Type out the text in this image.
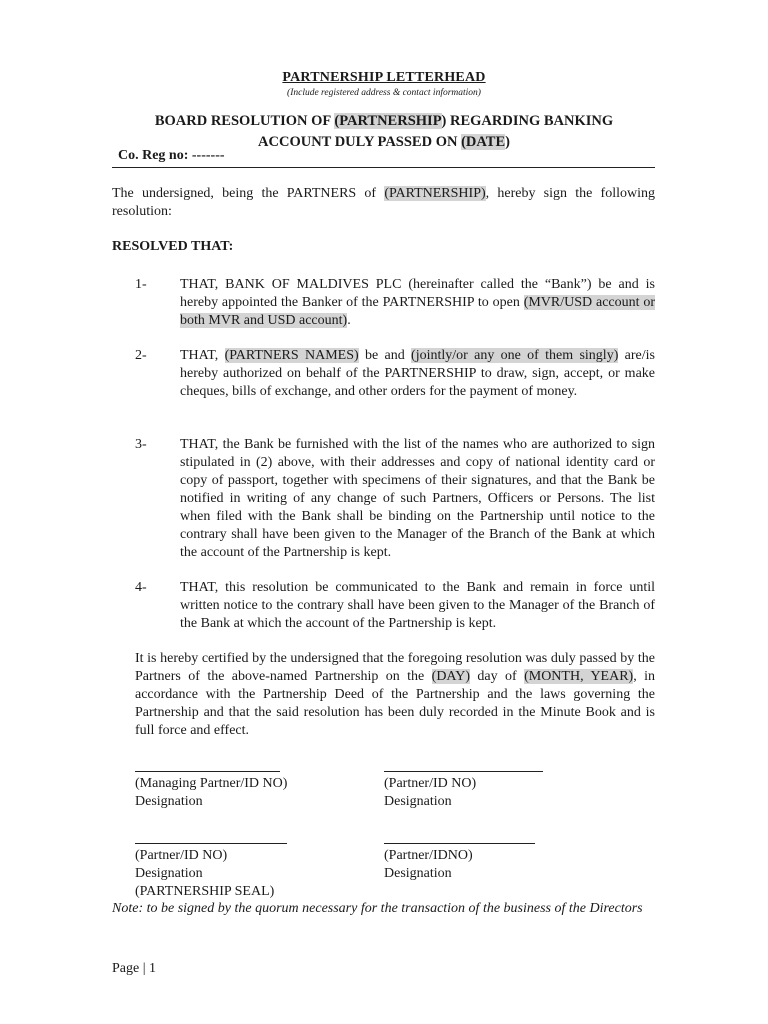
PARTNERSHIP LETTERHEAD
(Include registered address & contact information)
BOARD RESOLUTION OF (PARTNERSHIP) REGARDING BANKING
ACCOUNT DULY PASSED ON (DATE)
Co. Reg no: -------
The undersigned, being the PARTNERS of (PARTNERSHIP), hereby sign the following resolution:
RESOLVED THAT:
1- THAT, BANK OF MALDIVES PLC (hereinafter called the “Bank”) be and is hereby appointed the Banker of the PARTNERSHIP to open (MVR/USD account or both MVR and USD account).
2- THAT, (PARTNERS NAMES) be and (jointly/or any one of them singly) are/is hereby authorized on behalf of the PARTNERSHIP to draw, sign, accept, or make cheques, bills of exchange, and other orders for the payment of money.
3- THAT, the Bank be furnished with the list of the names who are authorized to sign stipulated in (2) above, with their addresses and copy of national identity card or copy of passport, together with specimens of their signatures, and that the Bank be notified in writing of any change of such Partners, Officers or Persons. The list when filed with the Bank shall be binding on the Partnership until notice to the contrary shall have been given to the Manager of the Branch of the Bank at which the account of the Partnership is kept.
4- THAT, this resolution be communicated to the Bank and remain in force until written notice to the contrary shall have been given to the Manager of the Branch of the Bank at which the account of the Partnership is kept.
It is hereby certified by the undersigned that the foregoing resolution was duly passed by the Partners of the above-named Partnership on the (DAY) day of (MONTH, YEAR), in accordance with the Partnership Deed of the Partnership and the laws governing the Partnership and that the said resolution has been duly recorded in the Minute Book and is full force and effect.
(Managing Partner/ID NO)
Designation
(Partner/ID NO)
Designation
(Partner/ID NO)
Designation
(PARTNERSHIP SEAL)
(Partner/IDNO)
Designation
Note: to be signed by the quorum necessary for the transaction of the business of the Directors
Page | 1
